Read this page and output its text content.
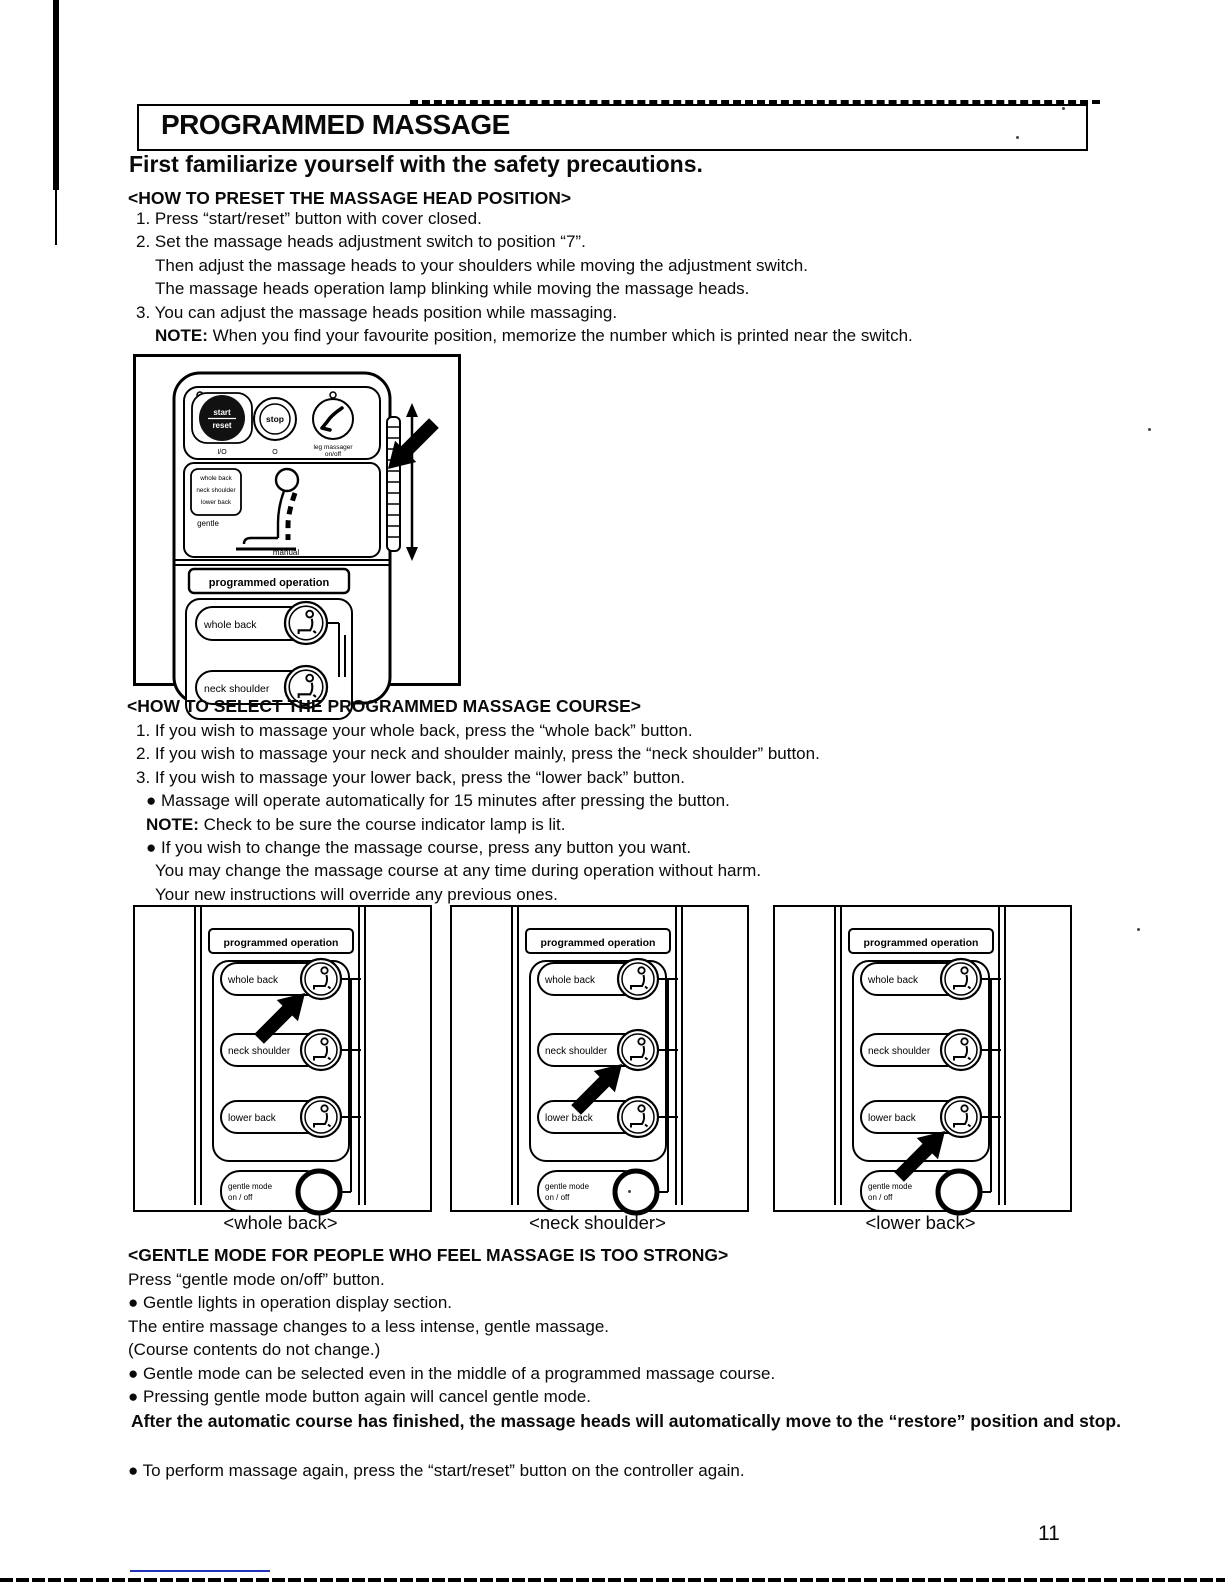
PROGRAMMED MASSAGE
First familiarize yourself with the safety precautions.
<HOW TO PRESET THE MASSAGE HEAD POSITION>
1. Press “start/reset” button with cover closed.
2. Set the massage heads adjustment switch to position “7”.
Then adjust the massage heads to your shoulders while moving the adjustment switch.
The massage heads operation lamp blinking while moving the massage heads.
3. You can adjust the massage heads position while massaging.
NOTE: When you find your favourite position, memorize the number which is printed near the switch.
start
reset
stop
I/O	O
leg massager
on/off
whole back
neck shoulder
lower back
gentle
manual
programmed operation
whole back
neck shoulder
<HOW TO SELECT THE PROGRAMMED MASSAGE COURSE>
1. If you wish to massage your whole back, press the “whole back” button.
2. If you wish to massage your neck and shoulder mainly, press the “neck shoulder” button.
3. If you wish to massage your lower back, press the “lower back” button.
● Massage will operate automatically for 15 minutes after pressing the button.
NOTE: Check to be sure the course indicator lamp is lit.
● If you wish to change the massage course, press any button you want.
You may change the massage course at any time during operation without harm.
Your new instructions will override any previous ones.
programmed operation
whole back
neck shoulder
lower back
gentle mode
on / off
programmed operation
whole back
neck shoulder
lower back
gentle mode
on / off
programmed operation
whole back
neck shoulder
lower back
gentle mode
on / off
<whole back>	<neck shoulder>	<lower back>
<GENTLE MODE FOR PEOPLE WHO FEEL MASSAGE IS TOO STRONG>
Press “gentle mode on/off” button.
● Gentle lights in operation display section.
The entire massage changes to a less intense, gentle massage.
(Course contents do not change.)
● Gentle mode can be selected even in the middle of a programmed massage course.
● Pressing gentle mode button again will cancel gentle mode.
After the automatic course has finished, the massage heads will automatically move to the “restore” position and stop.
● To perform massage again, press the “start/reset” button on the controller again.
11
